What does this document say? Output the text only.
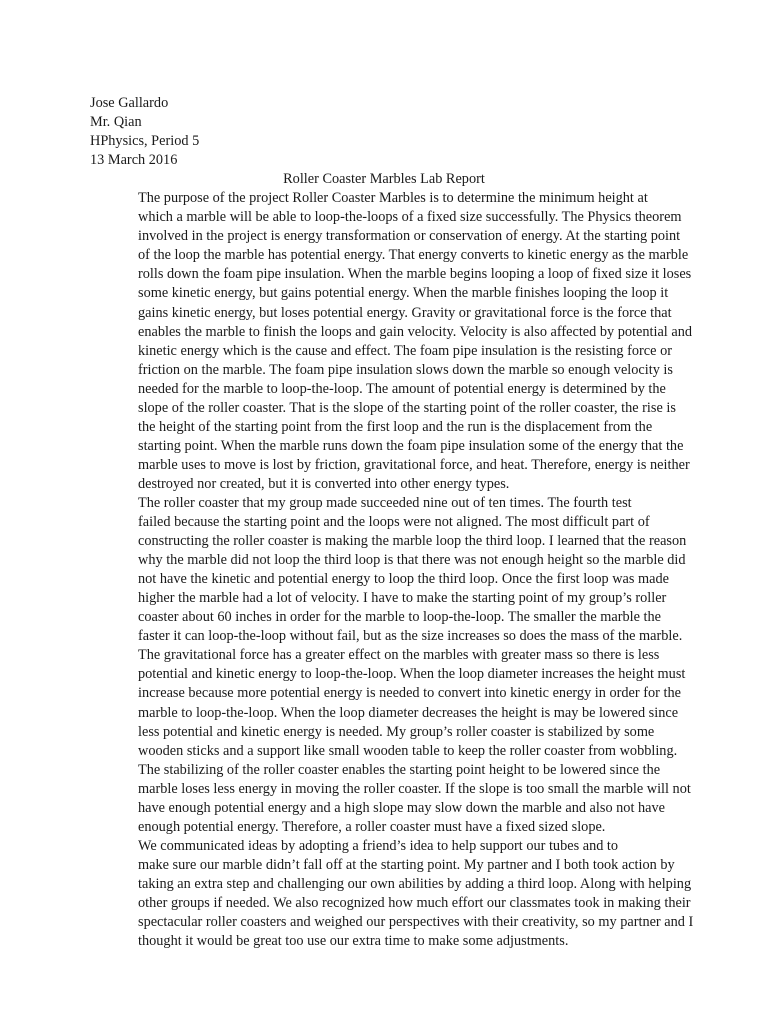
Jose Gallardo
Mr. Qian
HPhysics, Period 5
13 March 2016
Roller Coaster Marbles Lab Report

The purpose of the project Roller Coaster Marbles is to determine the minimum height at
which a marble will be able to loop-the-loops of a fixed size successfully. The Physics theorem
involved in the project is energy transformation or conservation of energy. At the starting point
of the loop the marble has potential energy. That energy converts to kinetic energy as the marble
rolls down the foam pipe insulation. When the marble begins looping a loop of fixed size it loses
some kinetic energy, but gains potential energy. When the marble finishes looping the loop it
gains kinetic energy, but loses potential energy. Gravity or gravitational force is the force that
enables the marble to finish the loops and gain velocity. Velocity is also affected by potential and
kinetic energy which is the cause and effect. The foam pipe insulation is the resisting force or
friction on the marble. The foam pipe insulation slows down the marble so enough velocity is
needed for the marble to loop-the-loop. The amount of potential energy is determined by the
slope of the roller coaster. That is the slope of the starting point of the roller coaster, the rise is
the height of the starting point from the first loop and the run is the displacement from the
starting point. When the marble runs down the foam pipe insulation some of the energy that the
marble uses to move is lost by friction, gravitational force, and heat. Therefore, energy is neither
destroyed nor created, but it is converted into other energy types.

The roller coaster that my group made succeeded nine out of ten times. The fourth test
failed because the starting point and the loops were not aligned. The most difficult part of
constructing the roller coaster is making the marble loop the third loop. I learned that the reason
why the marble did not loop the third loop is that there was not enough height so the marble did
not have the kinetic and potential energy to loop the third loop. Once the first loop was made
higher the marble had a lot of velocity. I have to make the starting point of my group’s roller
coaster about 60 inches in order for the marble to loop-the-loop. The smaller the marble the
faster it can loop-the-loop without fail, but as the size increases so does the mass of the marble.
The gravitational force has a greater effect on the marbles with greater mass so there is less
potential and kinetic energy to loop-the-loop. When the loop diameter increases the height must
increase because more potential energy is needed to convert into kinetic energy in order for the
marble to loop-the-loop. When the loop diameter decreases the height is may be lowered since
less potential and kinetic energy is needed. My group’s roller coaster is stabilized by some
wooden sticks and a support like small wooden table to keep the roller coaster from wobbling.
The stabilizing of the roller coaster enables the starting point height to be lowered since the
marble loses less energy in moving the roller coaster. If the slope is too small the marble will not
have enough potential energy and a high slope may slow down the marble and also not have
enough potential energy. Therefore, a roller coaster must have a fixed sized slope.

We communicated ideas by adopting a friend’s idea to help support our tubes and to
make sure our marble didn’t fall off at the starting point. My partner and I both took action by
taking an extra step and challenging our own abilities by adding a third loop. Along with helping
other groups if needed. We also recognized how much effort our classmates took in making their
spectacular roller coasters and weighed our perspectives with their creativity, so my partner and I
thought it would be great too use our extra time to make some adjustments.
